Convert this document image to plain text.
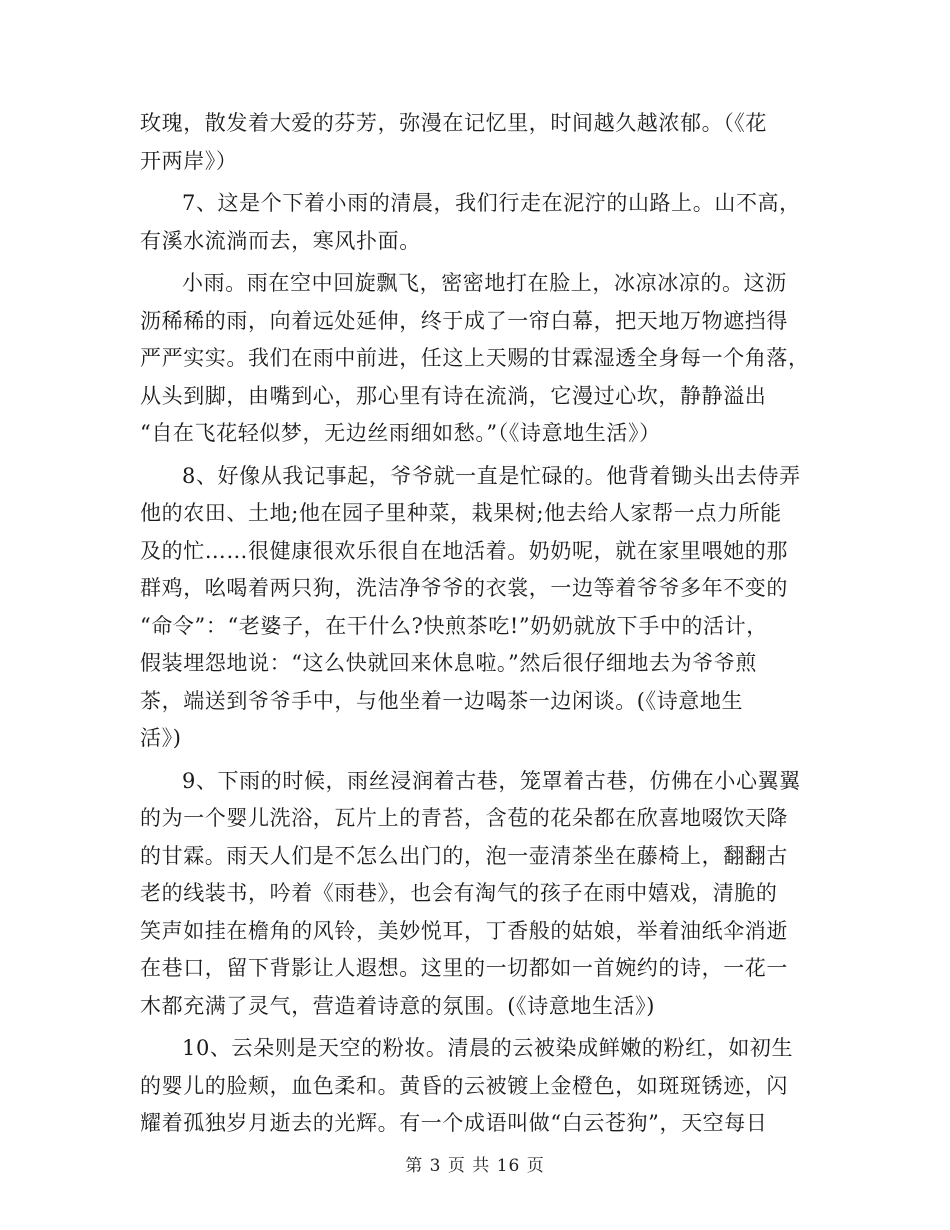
玫瑰，散发着大爱的芬芳，弥漫在记忆里，时间越久越浓郁。（《花
开两岸》）
7、这是个下着小雨的清晨，我们行走在泥泞的山路上。山不高，
有溪水流淌而去，寒风扑面。
小雨。雨在空中回旋飘飞，密密地打在脸上，冰凉冰凉的。这沥
沥稀稀的雨，向着远处延伸，终于成了一帘白幕，把天地万物遮挡得
严严实实。我们在雨中前进，任这上天赐的甘霖湿透全身每一个角落，
从头到脚，由嘴到心，那心里有诗在流淌，它漫过心坎，静静溢出
“自在飞花轻似梦，无边丝雨细如愁。”（《诗意地生活》）
8、好像从我记事起，爷爷就一直是忙碌的。他背着锄头出去侍弄
他的农田、土地;他在园子里种菜，栽果树;他去给人家帮一点力所能
及的忙……很健康很欢乐很自在地活着。奶奶呢，就在家里喂她的那
群鸡，吆喝着两只狗，洗洁净爷爷的衣裳，一边等着爷爷多年不变的
“命令”：“老婆子，在干什么?快煎茶吃!”奶奶就放下手中的活计，
假装埋怨地说：“这么快就回来休息啦。”然后很仔细地去为爷爷煎
茶，端送到爷爷手中，与他坐着一边喝茶一边闲谈。(《诗意地生
活》)
9、下雨的时候，雨丝浸润着古巷，笼罩着古巷，仿佛在小心翼翼
的为一个婴儿洗浴，瓦片上的青苔，含苞的花朵都在欣喜地啜饮天降
的甘霖。雨天人们是不怎么出门的，泡一壶清茶坐在藤椅上，翻翻古
老的线装书，吟着《雨巷》，也会有淘气的孩子在雨中嬉戏，清脆的
笑声如挂在檐角的风铃，美妙悦耳，丁香般的姑娘，举着油纸伞消逝
在巷口，留下背影让人遐想。这里的一切都如一首婉约的诗，一花一
木都充满了灵气，营造着诗意的氛围。(《诗意地生活》)
10、云朵则是天空的粉妆。清晨的云被染成鲜嫩的粉红，如初生
的婴儿的脸颊，血色柔和。黄昏的云被镀上金橙色，如斑斑锈迹，闪
耀着孤独岁月逝去的光辉。有一个成语叫做“白云苍狗”，天空每日
第 3 页 共 16 页
